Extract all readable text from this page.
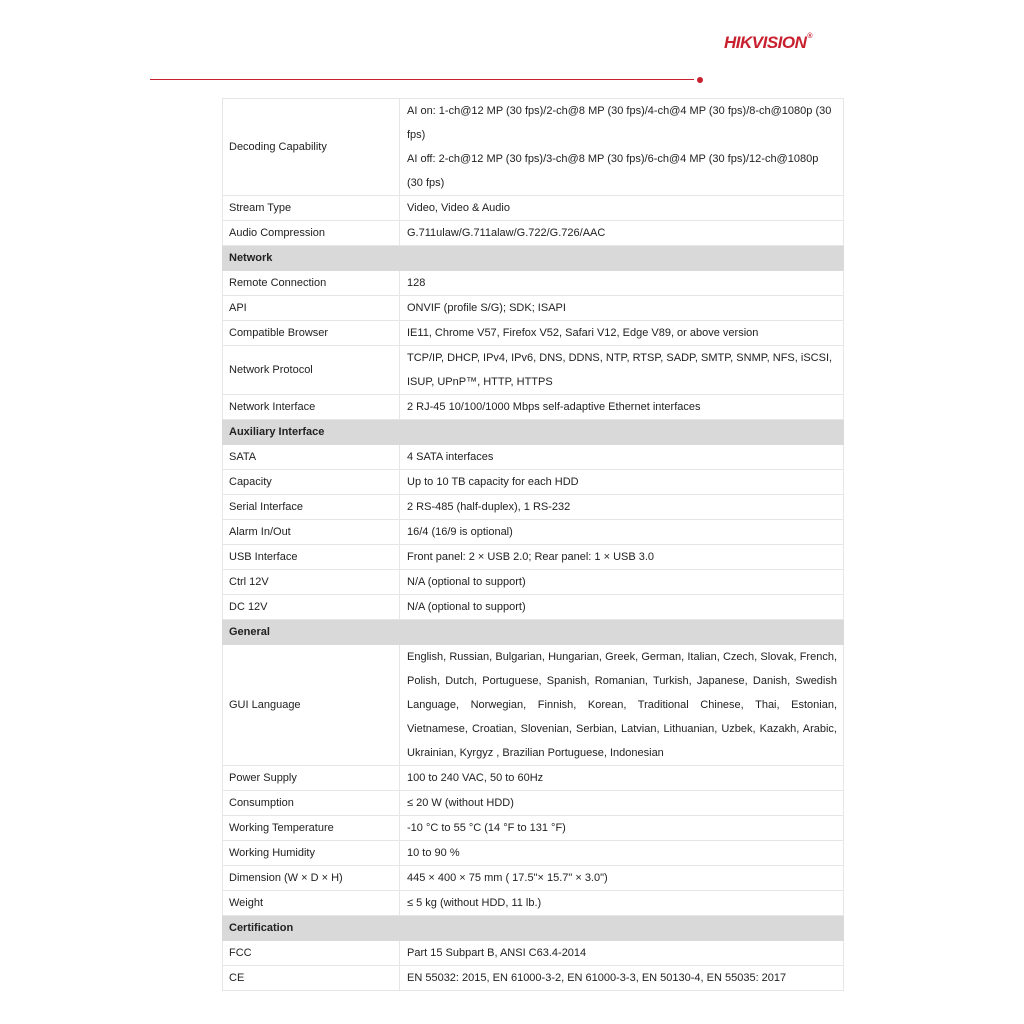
HIKVISION®
Decoding Capability	AI on: 1-ch@12 MP (30 fps)/2-ch@8 MP (30 fps)/4-ch@4 MP (30 fps)/8-ch@1080p (30 fps)
AI off: 2-ch@12 MP (30 fps)/3-ch@8 MP (30 fps)/6-ch@4 MP (30 fps)/12-ch@1080p (30 fps)

Stream Type	Video, Video & Audio

Audio Compression	G.711ulaw/G.711alaw/G.722/G.726/AAC

Network	
Remote Connection	128

API	ONVIF (profile S/G); SDK; ISAPI

Compatible Browser	IE11, Chrome V57, Firefox V52, Safari V12, Edge V89, or above version

Network Protocol	TCP/IP, DHCP, IPv4, IPv6, DNS, DDNS, NTP, RTSP, SADP, SMTP, SNMP, NFS, iSCSI, ISUP, UPnP™, HTTP, HTTPS

Network Interface	2 RJ-45 10/100/1000 Mbps self-adaptive Ethernet interfaces

Auxiliary Interface	
SATA	4 SATA interfaces

Capacity	Up to 10 TB capacity for each HDD

Serial Interface	2 RS-485 (half-duplex), 1 RS-232

Alarm In/Out	16/4 (16/9 is optional)

USB Interface	Front panel: 2 × USB 2.0; Rear panel: 1 × USB 3.0

Ctrl 12V	N/A (optional to support)

DC 12V	N/A (optional to support)

General	
GUI Language	English, Russian, Bulgarian, Hungarian, Greek, German, Italian, Czech, Slovak, French, Polish, Dutch, Portuguese, Spanish, Romanian, Turkish, Japanese, Danish, Swedish Language, Norwegian, Finnish, Korean, Traditional Chinese, Thai, Estonian, Vietnamese, Croatian, Slovenian, Serbian, Latvian, Lithuanian, Uzbek, Kazakh, Arabic, Ukrainian, Kyrgyz , Brazilian Portuguese, Indonesian

Power Supply	100 to 240 VAC, 50 to 60Hz

Consumption	≤ 20 W (without HDD)

Working Temperature	-10 °C to 55 °C (14 °F to 131 °F)

Working Humidity	10 to 90 %

Dimension (W × D × H)	445 × 400 × 75 mm ( 17.5"× 15.7" × 3.0")

Weight	≤ 5 kg (without HDD, 11 lb.)

Certification	
FCC	Part 15 Subpart B, ANSI C63.4-2014

CE	EN 55032: 2015, EN 61000-3-2, EN 61000-3-3, EN 50130-4, EN 55035: 2017
